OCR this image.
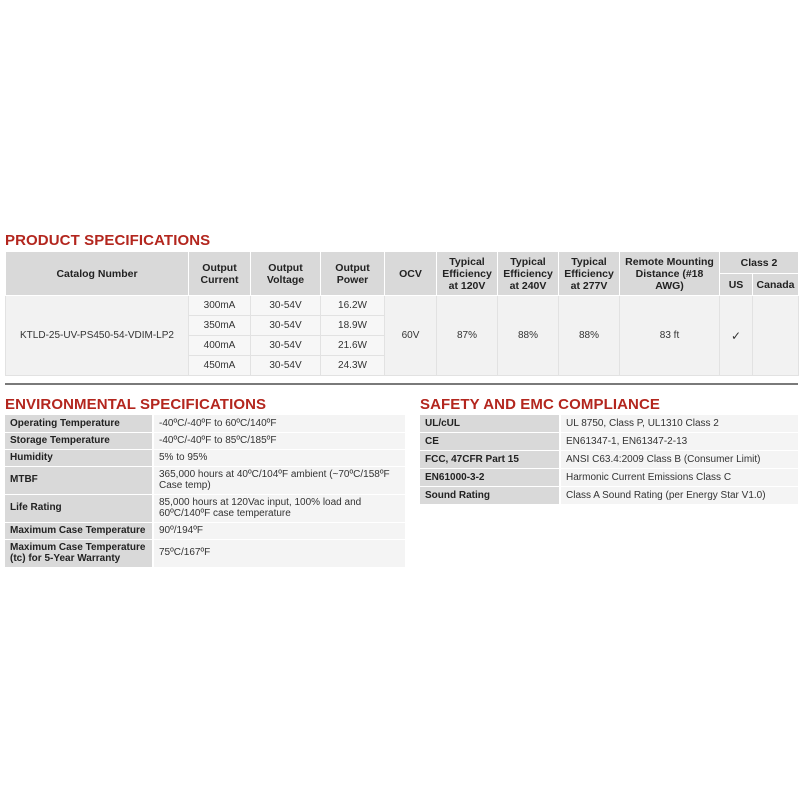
PRODUCT SPECIFICATIONS
Catalog Number	Output Current	Output Voltage	Output Power	OCV	Typical Efficiency at 120V	Typical Efficiency at 240V	Typical Efficiency at 277V	Remote Mounting Distance (#18 AWG)	Class 2	
									US	Canada
KTLD-25-UV-PS450-54-VDIM-LP2	300mA	30-54V	16.2W	60V	87%	88%	88%	83 ft	✓	
	350mA	30-54V	18.9W							
	400mA	30-54V	21.6W							
	450mA	30-54V	24.3W							
ENVIRONMENTAL SPECIFICATIONS
Operating Temperature	-40ºC/-40ºF to 60ºC/140ºF
Storage Temperature	-40ºC/-40ºF to 85ºC/185ºF
Humidity	5% to 95%
MTBF	365,000 hours at 40ºC/104ºF ambient (~70ºC/158ºF Case temp)
Life Rating	85,000 hours at 120Vac input, 100% load and 60ºC/140ºF case temperature
Maximum Case Temperature	90º/194ºF
Maximum Case Temperature (tc) for 5-Year Warranty	75ºC/167ºF
SAFETY AND EMC COMPLIANCE
UL/cUL	UL 8750, Class P, UL1310 Class 2
CE	EN61347-1, EN61347-2-13
FCC, 47CFR Part 15	ANSI C63.4:2009 Class B (Consumer Limit)
EN61000-3-2	Harmonic Current Emissions Class C
Sound Rating	Class A Sound Rating (per Energy Star V1.0)
